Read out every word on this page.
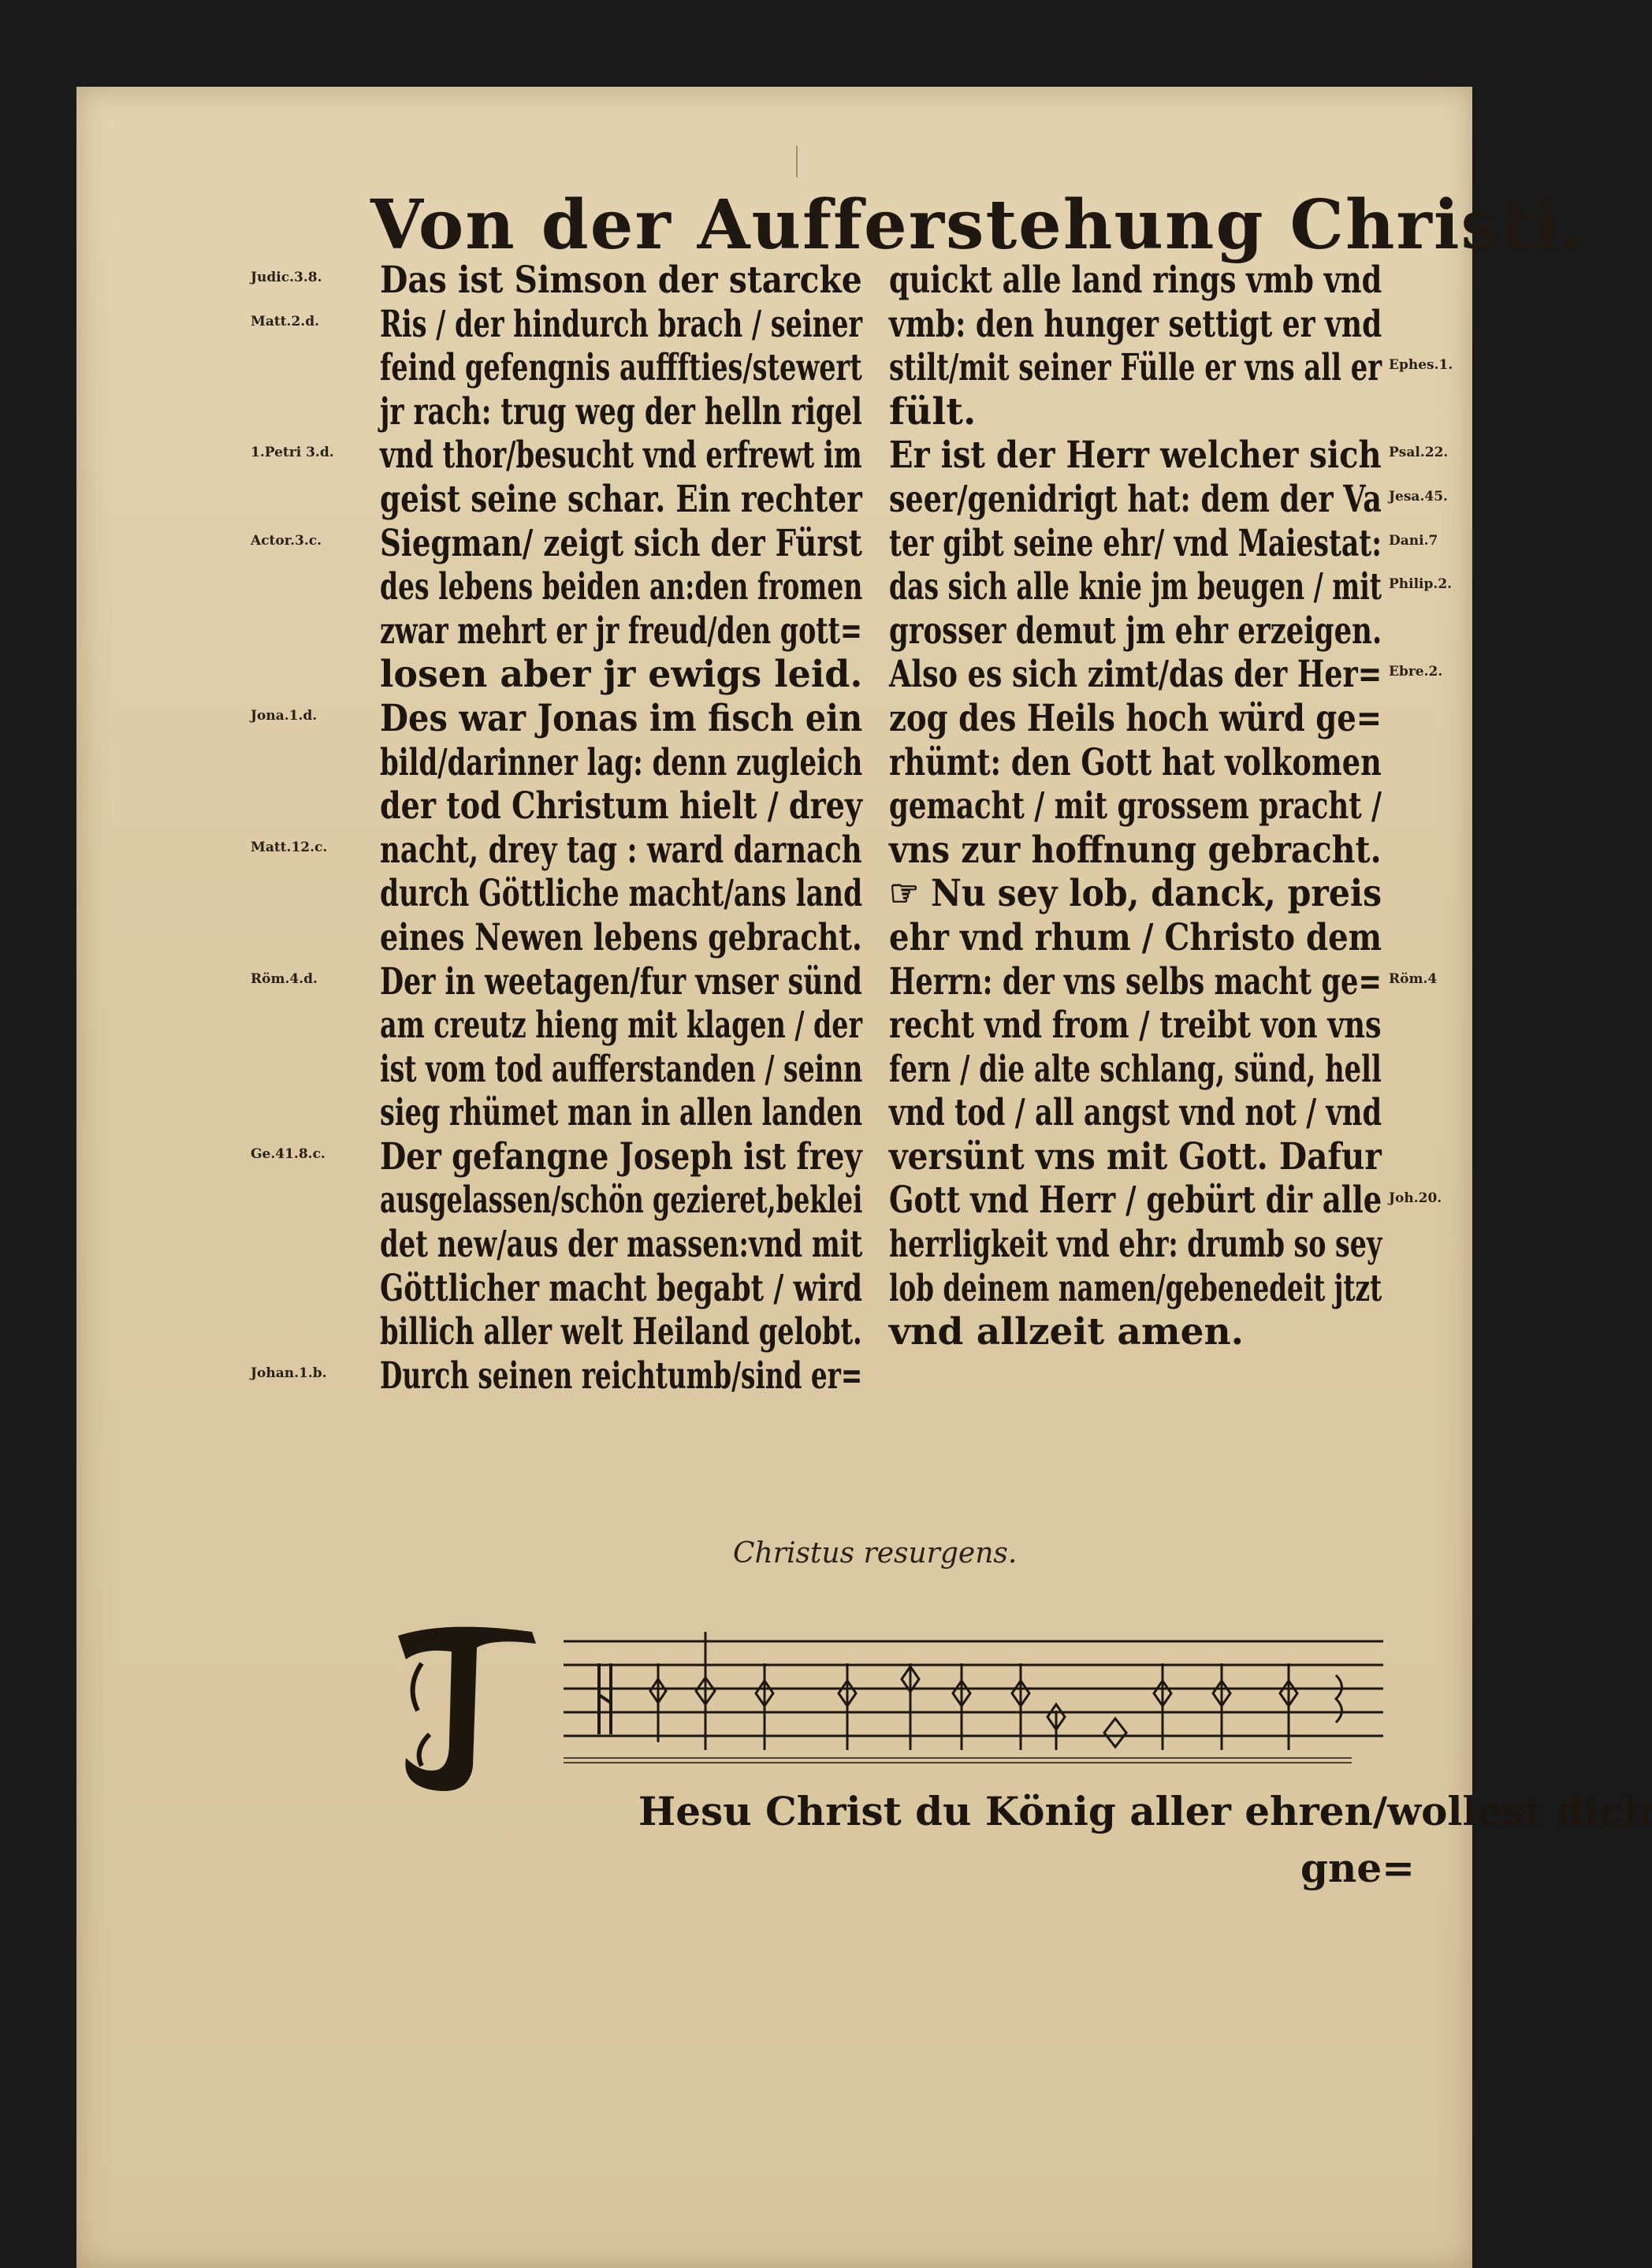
Von der Aufferstehung Christi.
Das ist Simson der starcke
Ris / der hindurch brach / seiner
feind gefengnis aufffties/stewert
jr rach: trug weg der helln rigel
vnd thor/besucht vnd erfrewt im
geist seine schar. Ein rechter
Siegman/ zeigt sich der Fürst
des lebens beiden an:den fromen
zwar mehrt er jr freud/den gott=
losen aber jr ewigs leid.
Des war Jonas im fisch ein
bild/darinner lag: denn zugleich
der tod Christum hielt / drey
nacht, drey tag : ward darnach
durch Göttliche macht/ans land
eines Newen lebens gebracht.
Der in weetagen/fur vnser sünd
am creutz hieng mit klagen / der
ist vom tod aufferstanden / seinn
sieg rhümet man in allen landen
Der gefangne Joseph ist frey
ausgelassen/schön gezieret,beklei
det new/aus der massen:vnd mit
Göttlicher macht begabt / wird
billich aller welt Heiland gelobt.
Durch seinen reichtumb/sind er=
quickt alle land rings vmb vnd
vmb: den hunger settigt er vnd
stilt/mit seiner Fülle er vns all er
fült.
Er ist der Herr welcher sich
seer/genidrigt hat: dem der Va
ter gibt seine ehr/ vnd Maiestat:
das sich alle knie jm beugen / mit
grosser demut jm ehr erzeigen.
Also es sich zimt/das der Her=
zog des Heils hoch würd ge=
rhümt: den Gott hat volkomen
gemacht / mit grossem pracht /
vns zur hoffnung gebracht.
☞ Nu sey lob, danck, preis
ehr vnd rhum / Christo dem
Herrn: der vns selbs macht ge=
recht vnd from / treibt von vns
fern / die alte schlang, sünd, hell
vnd tod / all angst vnd not / vnd
versünt vns mit Gott. Dafur
Gott vnd Herr / gebürt dir alle
herrligkeit vnd ehr: drumb so sey
lob deinem namen/gebenedeit jtzt
vnd allzeit amen.
Judic.3.8.
Matt.2.d.
1.Petri 3.d.
Actor.3.c.
Jona.1.d.
Matt.12.c.
Röm.4.d.
Ge.41.8.c.
Johan.1.b.
Ephes.1.
Psal.22.
Jesa.45.
Dani.7
Philip.2.
Ebre.2.
Röm.4
Joh.20.
Christus resurgens.
I
Hesu Christ du König aller ehren/wollest dich
gne=
